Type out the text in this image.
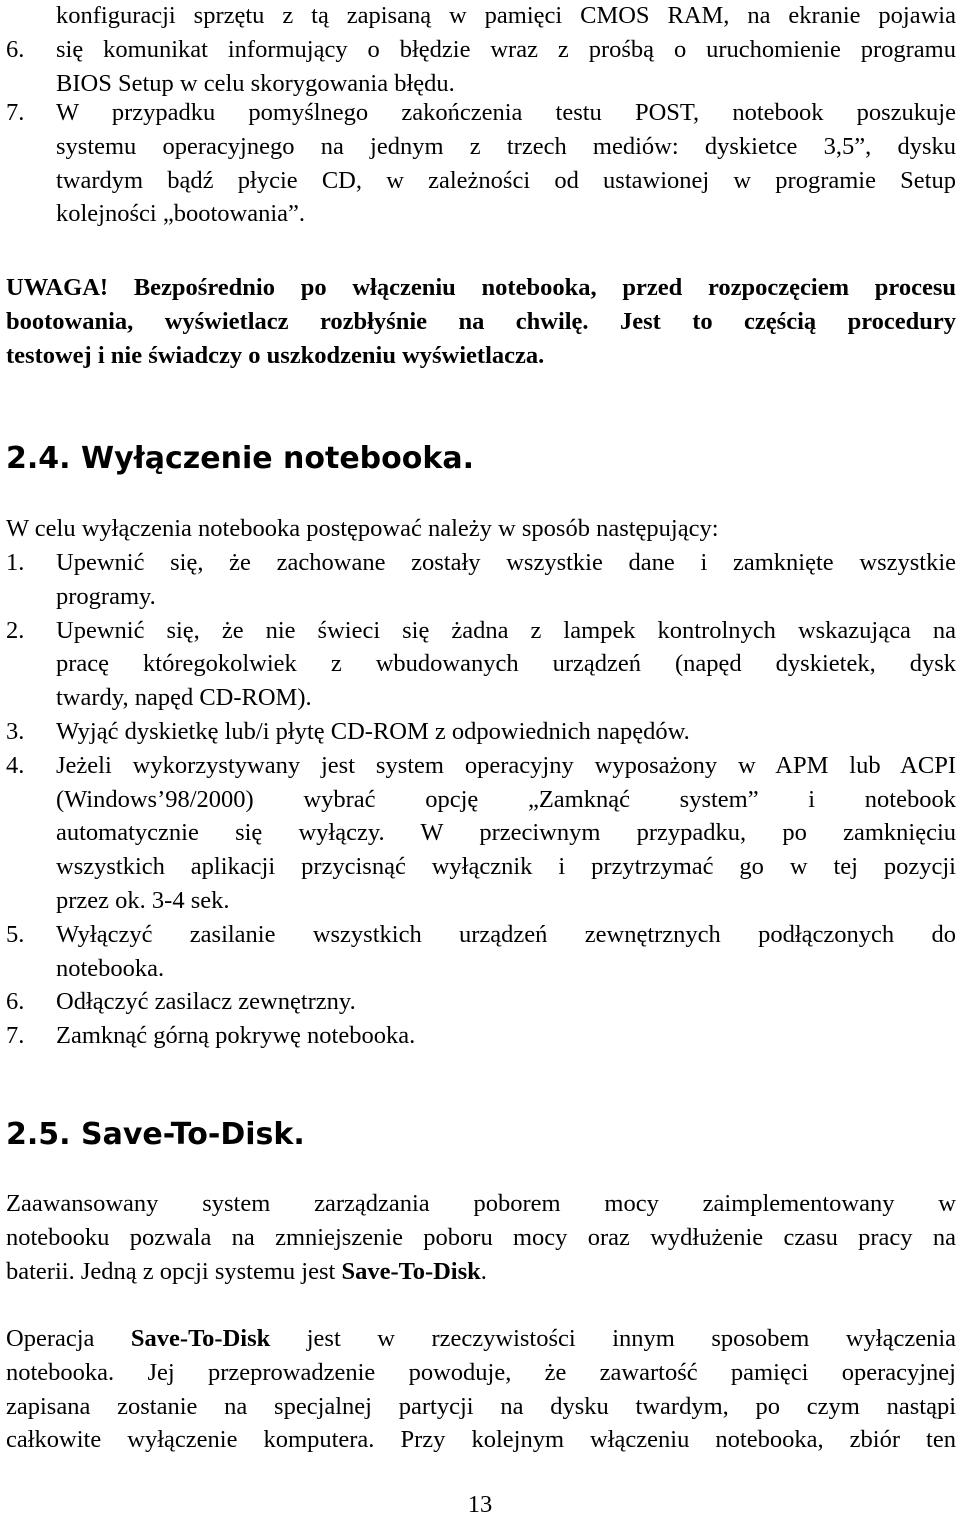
konfiguracji sprzętu z tą zapisaną w pamięci CMOS RAM, na ekranie pojawia
6. się komunikat informujący o błędzie wraz z prośbą o uruchomienie programu
BIOS Setup w celu skorygowania błędu.
7. W przypadku pomyślnego zakończenia testu POST, notebook poszukuje
systemu operacyjnego na jednym z trzech mediów: dyskietce 3,5”, dysku
twardym bądź płycie CD, w zależności od ustawionej w programie Setup
kolejności „bootowania”.
UWAGA! Bezpośrednio po włączeniu notebooka, przed rozpoczęciem procesu
bootowania, wyświetlacz rozbłyśnie na chwilę. Jest to częścią procedury
testowej i nie świadczy o uszkodzeniu wyświetlacza.
2.4. Wyłączenie notebooka.
W celu wyłączenia notebooka postępować należy w sposób następujący:
1. Upewnić się, że zachowane zostały wszystkie dane i zamknięte wszystkie
programy.
2. Upewnić się, że nie świeci się żadna z lampek kontrolnych wskazująca na
pracę któregokolwiek z wbudowanych urządzeń (napęd dyskietek, dysk
twardy, napęd CD-ROM).
3. Wyjąć dyskietkę lub/i płytę CD-ROM z odpowiednich napędów.
4. Jeżeli wykorzystywany jest system operacyjny wyposażony w APM lub ACPI
(Windows’98/2000) wybrać opcję „Zamknąć system” i notebook
automatycznie się wyłączy. W przeciwnym przypadku, po zamknięciu
wszystkich aplikacji przycisnąć wyłącznik i przytrzymać go w tej pozycji
przez ok. 3-4 sek.
5. Wyłączyć zasilanie wszystkich urządzeń zewnętrznych podłączonych do
notebooka.
6. Odłączyć zasilacz zewnętrzny.
7. Zamknąć górną pokrywę notebooka.
2.5. Save-To-Disk.
Zaawansowany system zarządzania poborem mocy zaimplementowany w
notebooku pozwala na zmniejszenie poboru mocy oraz wydłużenie czasu pracy na
baterii. Jedną z opcji systemu jest Save-To-Disk.
Operacja Save-To-Disk jest w rzeczywistości innym sposobem wyłączenia
notebooka. Jej przeprowadzenie powoduje, że zawartość pamięci operacyjnej
zapisana zostanie na specjalnej partycji na dysku twardym, po czym nastąpi
całkowite wyłączenie komputera. Przy kolejnym włączeniu notebooka, zbiór ten
13
